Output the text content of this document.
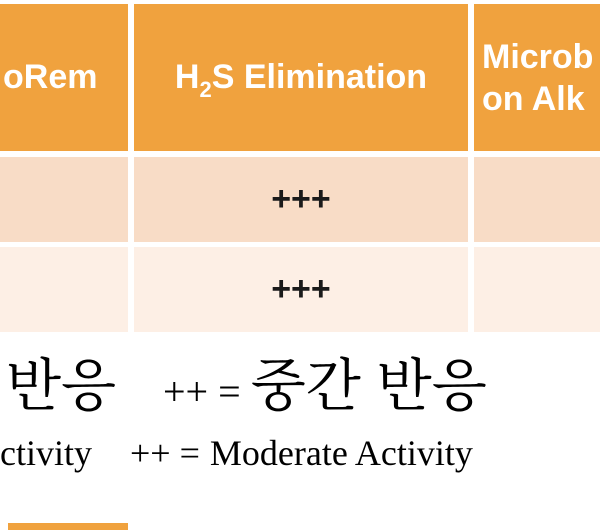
oRem $H_2S$ Elimination
Microb
on Alk
+++
+++
반응 ++ = 중간 반응
ctivity ++ = Moderate Activity
